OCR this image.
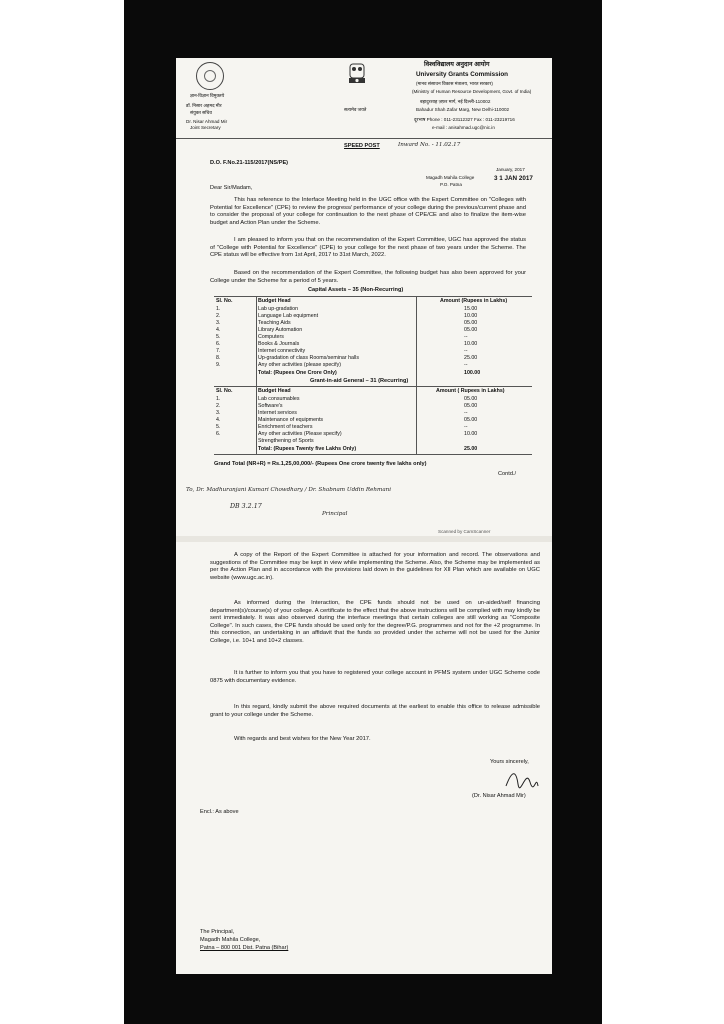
ज्ञान-विज्ञान विमुक्तये
डॉ. निसार अहमद मीर
संयुक्त सचिव
Dr. Nisar Ahmad Mir
Joint Secretary
सत्यमेव जयते
विश्वविद्यालय अनुदान आयोग
University Grants Commission
(मानव संसाधन विकास मंत्रालय, भारत सरकार)
(Ministry of Human Resource Development, Govt. of India)
बहादुरशाह ज़फ़र मार्ग, नई दिल्ली-110002
Bahadur Shah Zafar Marg, New Delhi-110002
दूरभाष Phone : 011-23112327 Fax : 011-23219716
e-mail : anisahmad.ugc@nic.in
SPEED POST	Inward No. - 11.02.17
D.O. F.No.21-115/2017(NS/PE)
Magadh Mahila College
P.O. Patna
January, 2017
3 1 JAN 2017
Dear Sir/Madam,
This has reference to the Interface Meeting held in the UGC office with the Expert Committee on "Colleges with Potential for Excellence" (CPE) to review the progress/ performance of your college during the previous/current phase and to consider the proposal of your college for continuation to the next phase of CPE/CE and also to finalize the item-wise budget and Action Plan under the Scheme.
I am pleased to inform you that on the recommendation of the Expert Committee, UGC has approved the status of "College with Potential for Excellence" (CPE) to your college for the next phase of two years under the Scheme. The CPE status will be effective from 1st April, 2017 to 31st March, 2022.
Based on the recommendation of the Expert Committee, the following budget has also been approved for your College under the Scheme for a period of 5 years.
Capital Assets – 35 (Non-Recurring)
Sl. No.	Budget Head	Amount (Rupees in Lakhs)
1.	Lab up-gradation	15.00
2.	Language Lab equipment	10.00
3.	Teaching Aids	05.00
4.	Library Automation	05.00
5.	Computers	--
6.	Books & Journals	10.00
7.	Internet connectivity	--
8.	Up-gradation of class Rooms/seminar halls	25.00
9.	Any other activities (please specify)	--
Total: (Rupees One Crore Only)	100.00
Grant-in-aid General – 31 (Recurring)
Sl. No.	Budget Head	Amount ( Rupees in Lakhs)
1.	Lab consumables	05.00
2.	Software's	05.00
3.	Internet services	--
4.	Maintenance of equipments	05.00
5.	Enrichment of teachers	--
6.	Any other activities (Please specify)	10.00
Strengthening of Sports
Total: (Rupees Twenty five Lakhs Only)	25.00
Grand Total (NR+R) = Rs.1,25,00,000/- (Rupees One crore twenty five lakhs only)
Contd./
To, Dr. Madhuranjani Kumari Chowdhary / Dr. Shabnam Uddin Rehmani
DB 3.2.17
Principal
Scanned by CamScanner
A copy of the Report of the Expert Committee is attached for your information and record. The observations and suggestions of the Committee may be kept in view while implementing the Scheme. Also, the Scheme may be implemented as per the Action Plan and in accordance with the provisions laid down in the guidelines for XII Plan which are available on UGC website (www.ugc.ac.in).
As informed during the Interaction, the CPE funds should not be used on un-aided/self financing department(s)/course(s) of your college. A certificate to the effect that the above instructions will be complied with may kindly be sent immediately. It was also observed during the interface meetings that certain colleges are still working as "Composite College". In such cases, the CPE funds should be used only for the degree/P.G. programmes and not for the +2 programme. In this connection, an undertaking in an affidavit that the funds so provided under the scheme will not be used for the Junior College, i.e. 10+1 and 10+2 classes.
It is further to inform you that you have to registered your college account in PFMS system under UGC Scheme code 0875 with documentary evidence.
In this regard, kindly submit the above required documents at the earliest to enable this office to release admissible grant to your college under the Scheme.
With regards and best wishes for the New Year 2017.
Yours sincerely,
(Dr. Nisar Ahmad Mir)
Encl.: As above
The Principal,
Magadh Mahila College,
Patna – 800 001 Dist. Patna (Bihar)
